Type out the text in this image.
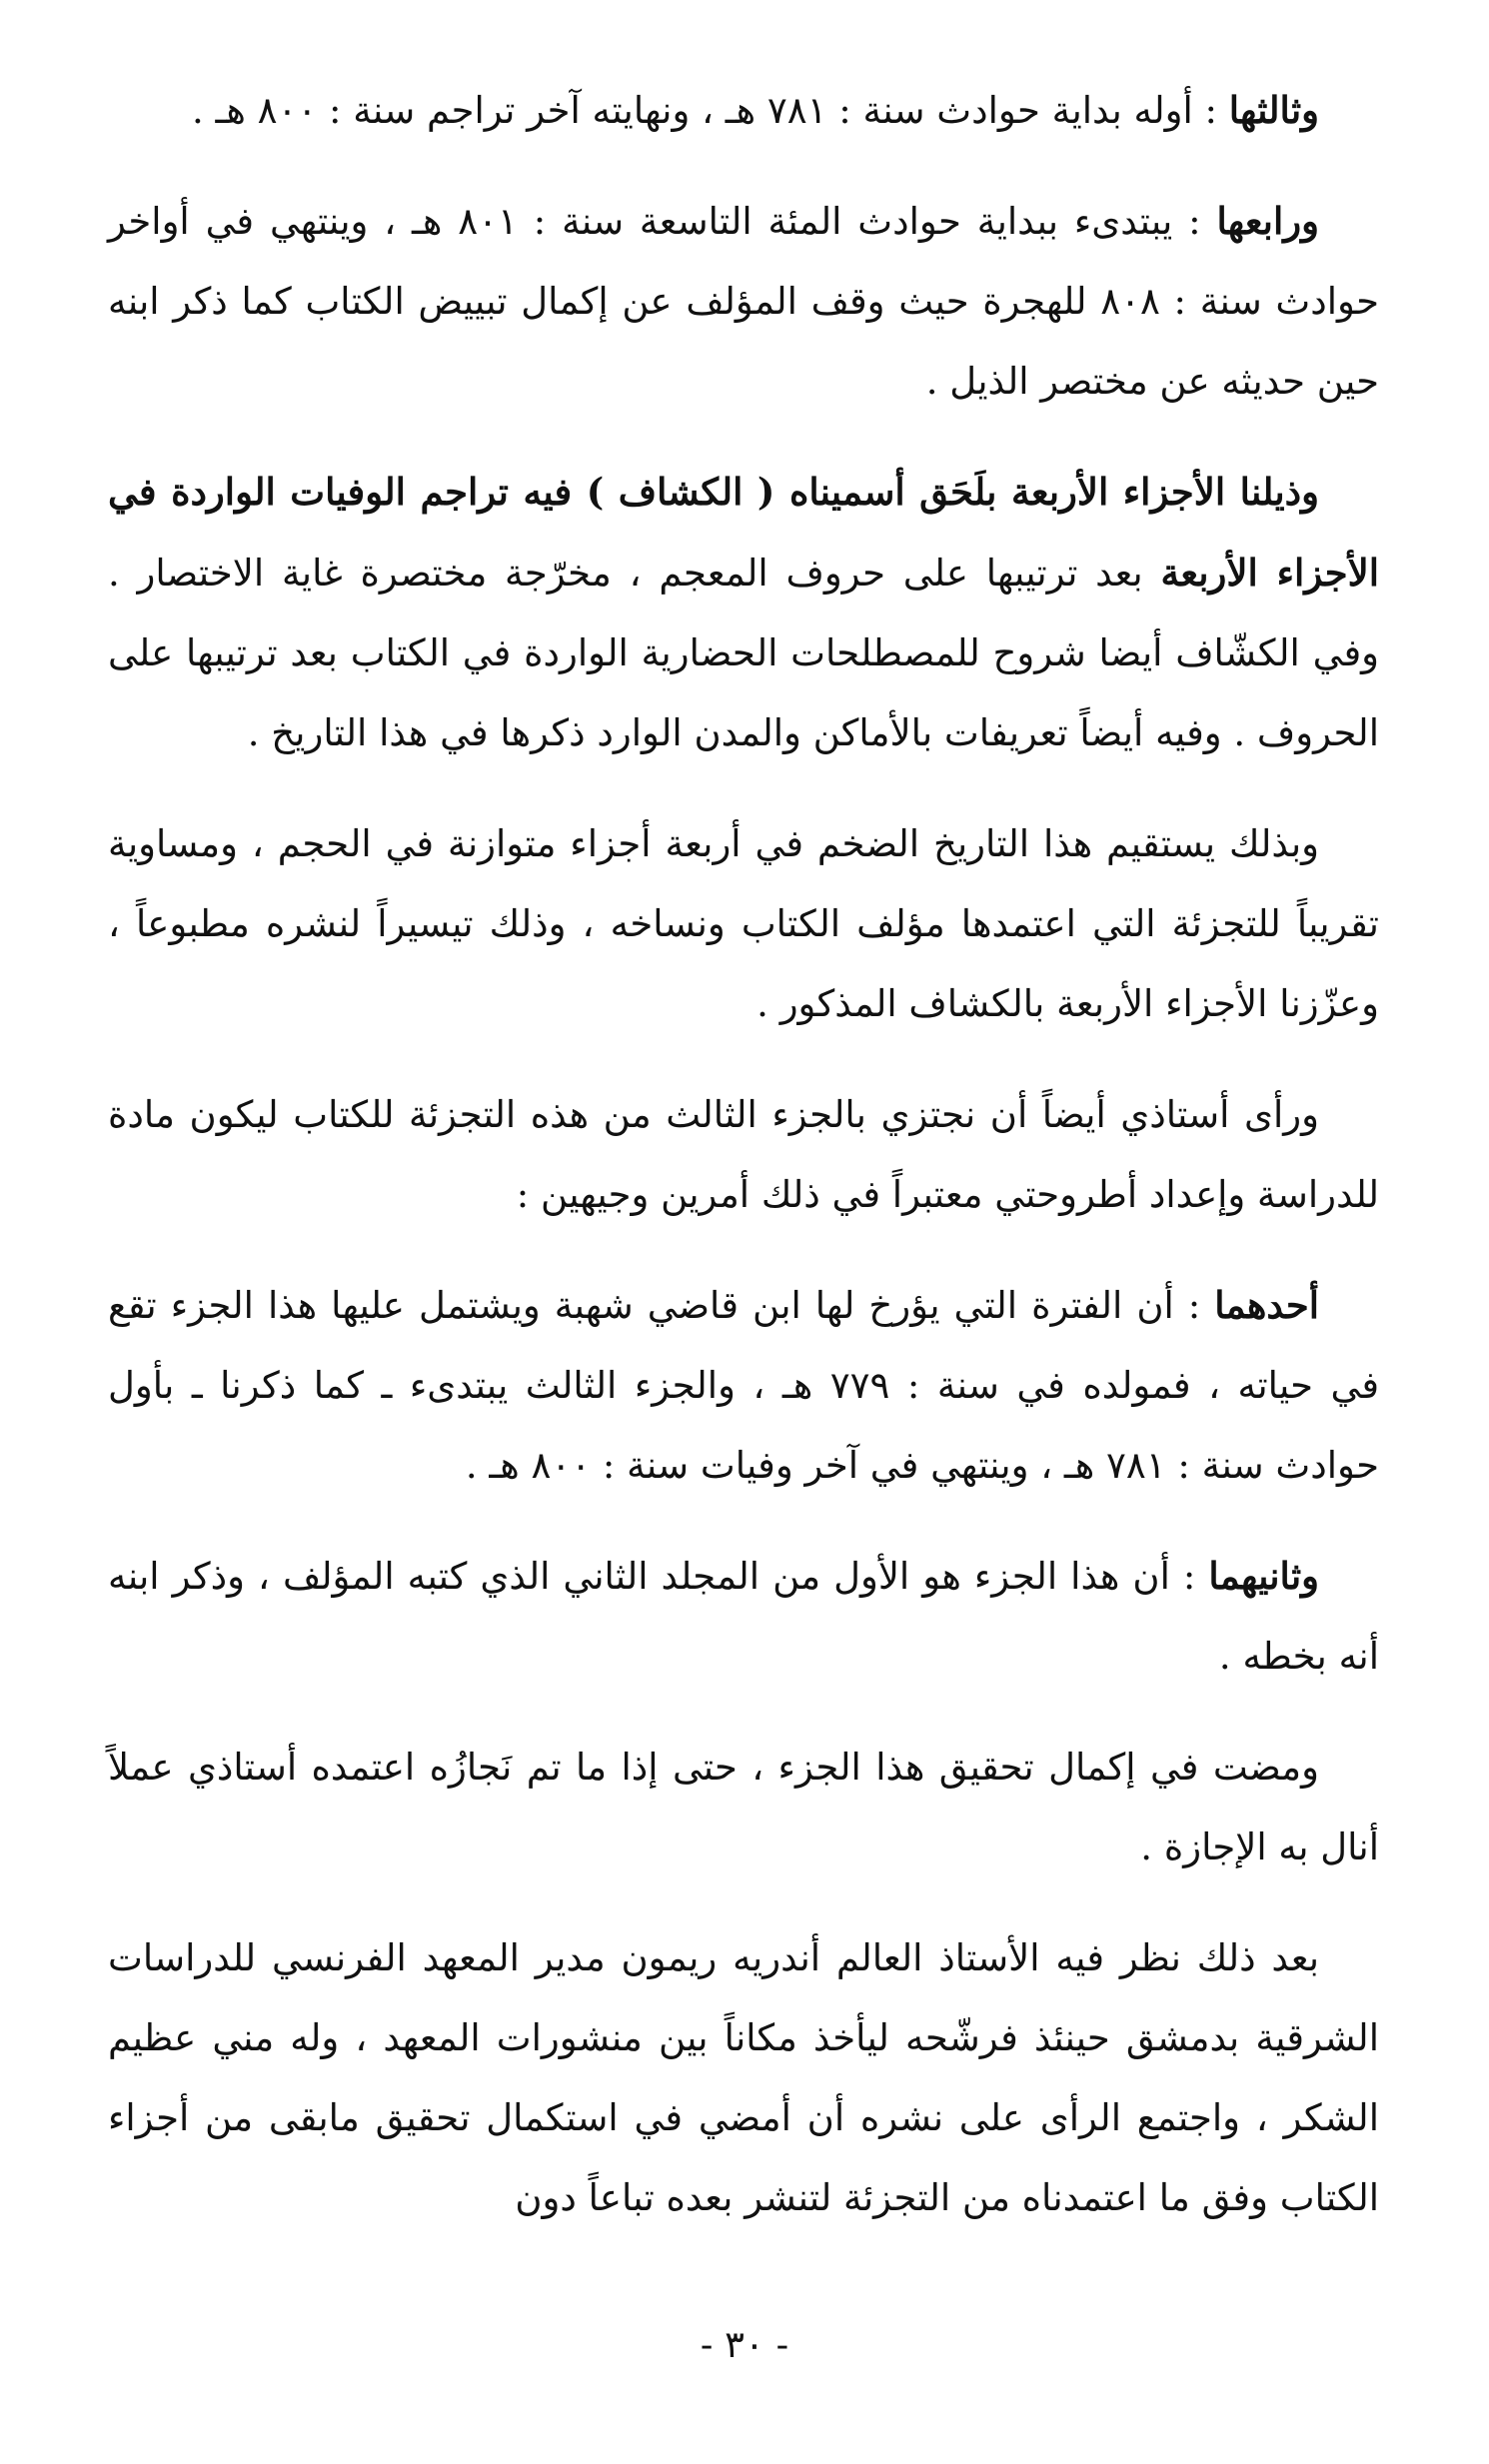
وثالثها : أوله بداية حوادث سنة : ٧٨١ هـ ، ونهايته آخر تراجم سنة : ٨٠٠ هـ .

ورابعها : يبتدىء ببداية حوادث المئة التاسعة سنة : ٨٠١ هـ ، وينتهي في أواخر حوادث سنة : ٨٠٨ للهجرة حيث وقف المؤلف عن إكمال تبييض الكتاب كما ذكر ابنه حين حديثه عن مختصر الذيل .

وذيلنا الأجزاء الأربعة بلَحَق أسميناه ( الكشاف ) فيه تراجم الوفيات الواردة في الأجزاء الأربعة بعد ترتيبها على حروف المعجم ، مخرّجة مختصرة غاية الاختصار . وفي الكشّاف أيضا شروح للمصطلحات الحضارية الواردة في الكتاب بعد ترتيبها على الحروف . وفيه أيضاً تعريفات بالأماكن والمدن الوارد ذكرها في هذا التاريخ .

وبذلك يستقيم هذا التاريخ الضخم في أربعة أجزاء متوازنة في الحجم ، ومساوية تقريباً للتجزئة التي اعتمدها مؤلف الكتاب ونساخه ، وذلك تيسيراً لنشره مطبوعاً ، وعزّزنا الأجزاء الأربعة بالكشاف المذكور .

ورأى أستاذي أيضاً أن نجتزي بالجزء الثالث من هذه التجزئة للكتاب ليكون مادة للدراسة وإعداد أطروحتي معتبراً في ذلك أمرين وجيهين :

أحدهما : أن الفترة التي يؤرخ لها ابن قاضي شهبة ويشتمل عليها هذا الجزء تقع في حياته ، فمولده في سنة : ٧٧٩ هـ ، والجزء الثالث يبتدىء ـ كما ذكرنا ـ بأول حوادث سنة : ٧٨١ هـ ، وينتهي في آخر وفيات سنة : ٨٠٠ هـ .

وثانيهما : أن هذا الجزء هو الأول من المجلد الثاني الذي كتبه المؤلف ، وذكر ابنه أنه بخطه .

ومضت في إكمال تحقيق هذا الجزء ، حتى إذا ما تم نَجازُه اعتمده أستاذي عملاً أنال به الإجازة .

بعد ذلك نظر فيه الأستاذ العالم أندريه ريمون مدير المعهد الفرنسي للدراسات الشرقية بدمشق حينئذ فرشّحه ليأخذ مكاناً بين منشورات المعهد ، وله مني عظيم الشكر ، واجتمع الرأى على نشره أن أمضي في استكمال تحقيق مابقى من أجزاء الكتاب وفق ما اعتمدناه من التجزئة لتنشر بعده تباعاً دون

- ٣٠ -
